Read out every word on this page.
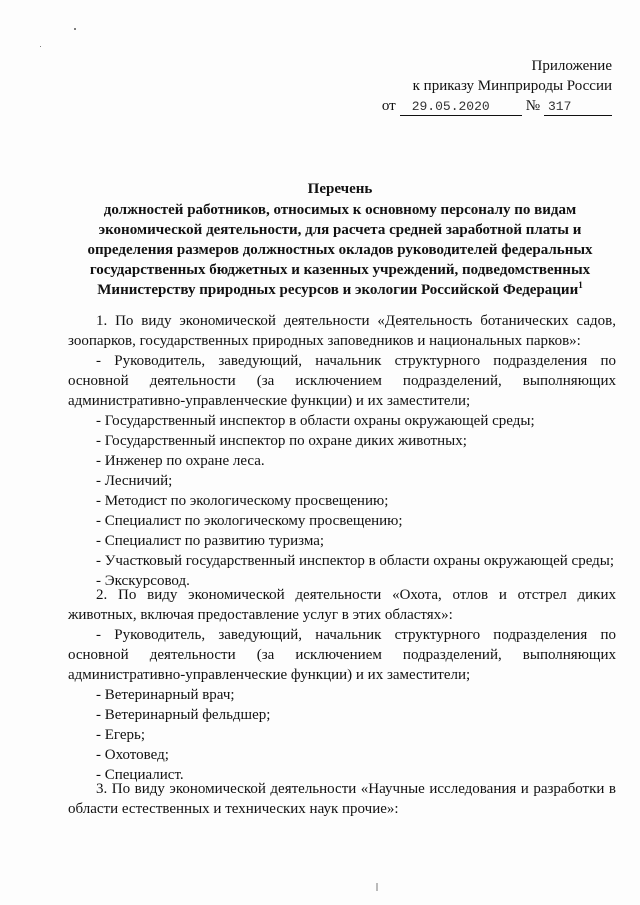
Приложение
к приказу Минприроды России
от	29.05.2020	№ 317
Перечень
должностей работников, относимых к основному персоналу по видам
экономической деятельности, для расчета средней заработной платы и
определения размеров должностных окладов руководителей федеральных
государственных бюджетных и казенных учреждений, подведомственных
Министерству природных ресурсов и экологии Российской Федерации$^1$
1. По виду экономической деятельности «Деятельность ботанических садов, зоопарков, государственных природных заповедников и национальных парков»:
- Руководитель, заведующий, начальник структурного подразделения по основной деятельности (за исключением подразделений, выполняющих административно-управленческие функции) и их заместители;
- Государственный инспектор в области охраны окружающей среды;
- Государственный инспектор по охране диких животных;
- Инженер по охране леса.
- Лесничий;
- Методист по экологическому просвещению;
- Специалист по экологическому просвещению;
- Специалист по развитию туризма;
- Участковый государственный инспектор в области охраны окружающей среды;
- Экскурсовод.
2. По виду экономической деятельности «Охота, отлов и отстрел диких животных, включая предоставление услуг в этих областях»:
- Руководитель, заведующий, начальник структурного подразделения по основной деятельности (за исключением подразделений, выполняющих административно-управленческие функции) и их заместители;
- Ветеринарный врач;
- Ветеринарный фельдшер;
- Егерь;
- Охотовед;
- Специалист.
3. По виду экономической деятельности «Научные исследования и разработки в области естественных и технических наук прочие»:
